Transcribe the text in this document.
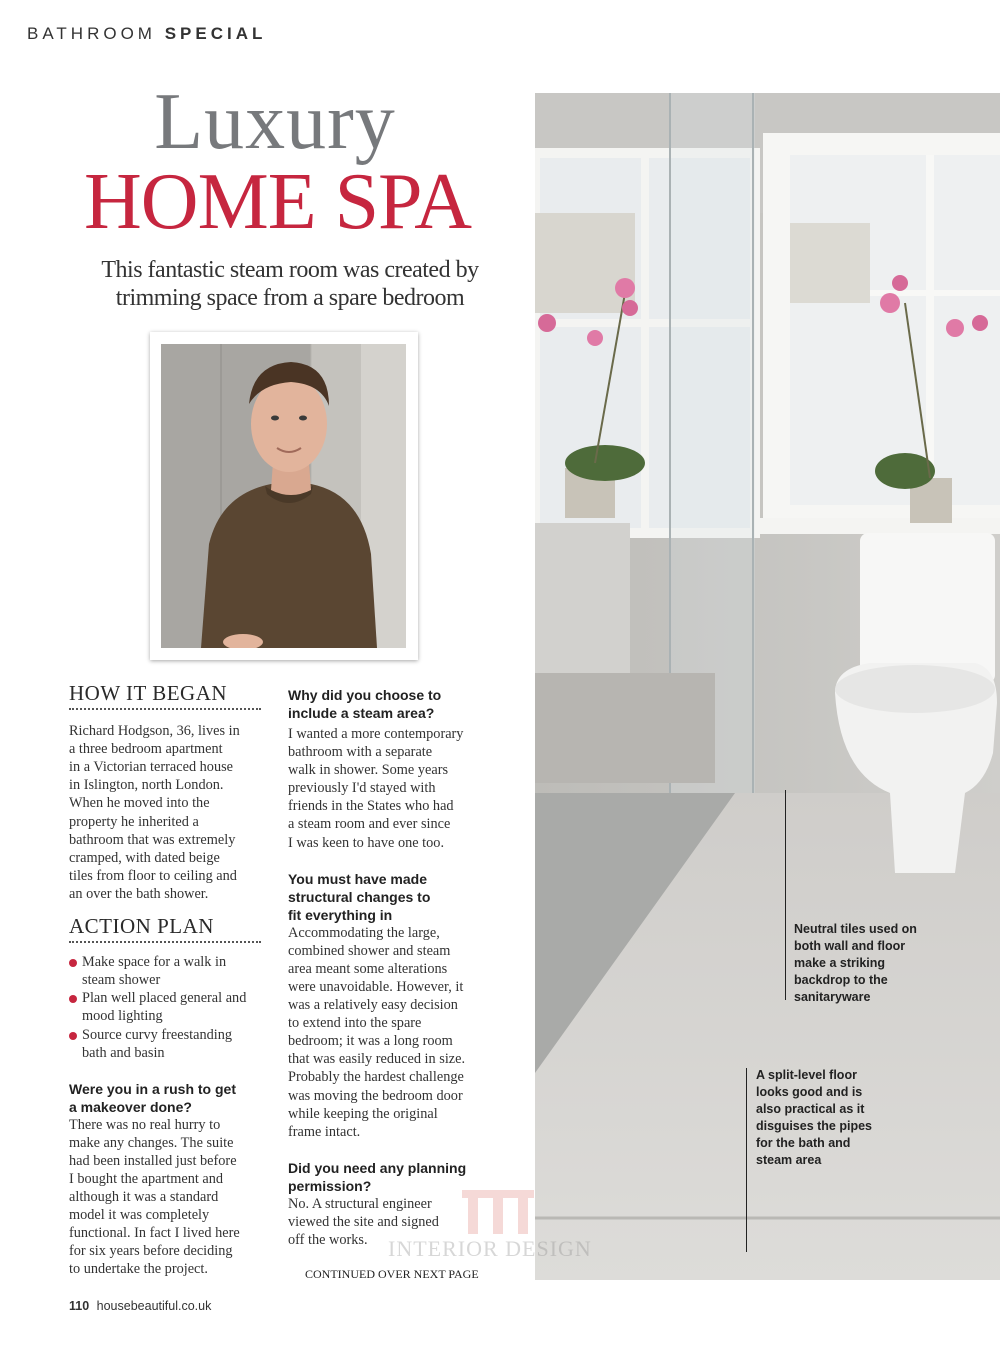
BATHROOM SPECIAL
Luxury
HOME SPA
This fantastic steam room was created by
trimming space from a spare bedroom
HOW IT BEGAN
Richard Hodgson, 36, lives in
a three bedroom apartment
in a Victorian terraced house
in Islington, north London.
When he moved into the
property he inherited a
bathroom that was extremely
cramped, with dated beige
tiles from floor to ceiling and
an over the bath shower.
ACTION PLAN
Make space for a walk in
steam shower
Plan well placed general and
mood lighting
Source curvy freestanding
bath and basin
Were you in a rush to get
a makeover done?
There was no real hurry to
make any changes. The suite
had been installed just before
I bought the apartment and
although it was a standard
model it was completely
functional. In fact I lived here
for six years before deciding
to undertake the project.
Why did you choose to
include a steam area?
I wanted a more contemporary
bathroom with a separate
walk in shower. Some years
previously I'd stayed with
friends in the States who had
a steam room and ever since
I was keen to have one too.
You must have made
structural changes to
fit everything in
Accommodating the large,
combined shower and steam
area meant some alterations
were unavoidable. However, it
was a relatively easy decision
to extend into the spare
bedroom; it was a long room
that was easily reduced in size.
Probably the hardest challenge
was moving the bedroom door
while keeping the original
frame intact.
Did you need any planning
permission?
No. A structural engineer
viewed the site and signed
off the works.
CONTINUED OVER NEXT PAGE
Neutral tiles used on
both wall and floor
make a striking
backdrop to the
sanitaryware
A split-level floor
looks good and is
also practical as it
disguises the pipes
for the bath and
steam area
INTERIOR DESIGN
110 housebeautiful.co.uk
